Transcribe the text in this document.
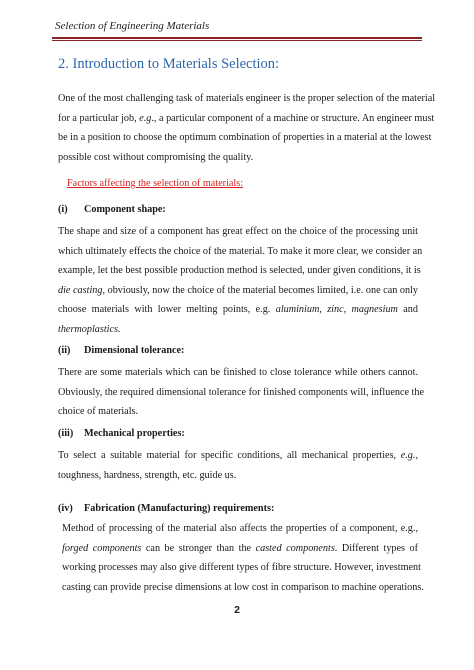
Selection of Engineering Materials
2. Introduction to Materials Selection:
One of the most challenging task of materials engineer is the proper selection of the material
for a particular job, e.g., a particular component of a machine or structure. An engineer must
be in a position to choose the optimum combination of properties in a material at the lowest
possible cost without compromising the quality.
Factors affecting the selection of materials:
(i) Component shape:
The shape and size of a component has great effect on the choice of the processing unit
which ultimately effects the choice of the material. To make it more clear, we consider an
example, let the best possible production method is selected, under given conditions, it is
die casting, obviously, now the choice of the material becomes limited, i.e. one can only
choose materials with lower melting points, e.g. aluminium, zinc, magnesium and
thermoplastics.
(ii) Dimensional tolerance:
There are some materials which can be finished to close tolerance while others cannot.
Obviously, the required dimensional tolerance for finished components will, influence the
choice of materials.
(iii) Mechanical properties:
To select a suitable material for specific conditions, all mechanical properties, e.g.,
toughness, hardness, strength, etc. guide us.
(iv) Fabrication (Manufacturing) requirements:
Method of processing of the material also affects the properties of a component, e.g.,
forged components can be stronger than the casted components. Different types of
working processes may also give different types of fibre structure. However, investment
casting can provide precise dimensions at low cost in comparison to machine operations.
2
